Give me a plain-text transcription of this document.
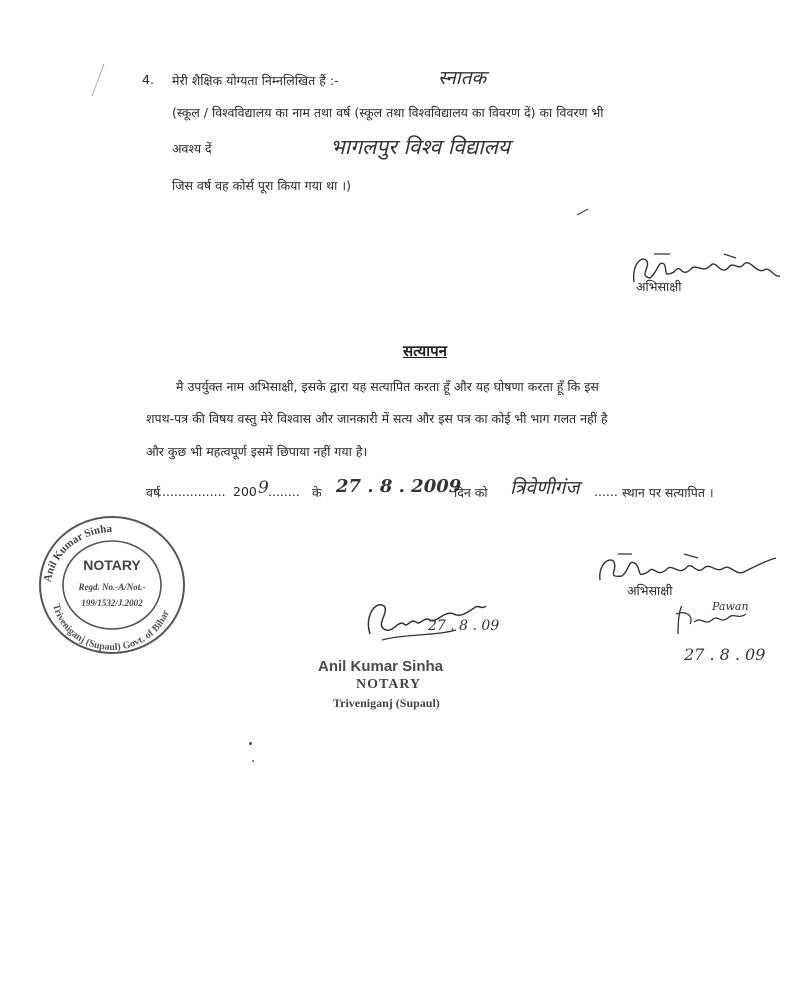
4. मेरी शैक्षिक योग्यता निम्नलिखित हैं :-	स्नातक
(स्कूल / विश्वविद्यालय का नाम तथा वर्ष (स्कूल तथा विश्वविद्यालय का विवरण दें) का विवरण भी
अवश्य दें	भागलपुर विश्व विद्यालय
जिस वर्ष वह कोर्स पूरा किया गया था ।)
अभिसाक्षी
सत्यापन
मै उपर्युक्त नाम अभिसाक्षी, इसके द्वारा यह सत्यापित करता हूँ और यह घोषणा करता हूँ कि इस
शपथ-पत्र की विषय वस्तु मेरे विश्वास और जानकारी में सत्य और इस पत्र का कोई भी भाग गलत नहीं है
और कुछ भी महत्वपूर्ण इसमें छिपाया नहीं गया है।
वर्ष
................. 200 9 ........ के 27 . 8 . 2009
दिन को त्रिवेणीगंज ...... स्थान पर सत्यापित ।
Anil Kumar Sinha
Triveniganj (Supaul) Govt. of Bihar
NOTARY
Regd. No.-A/Not.-
199/1532/J.2002
अभिसाक्षी
Pawan
27 . 8 . 09
27 . 8 . 09
Anil Kumar Sinha
NOTARY
Triveniganj (Supaul)
